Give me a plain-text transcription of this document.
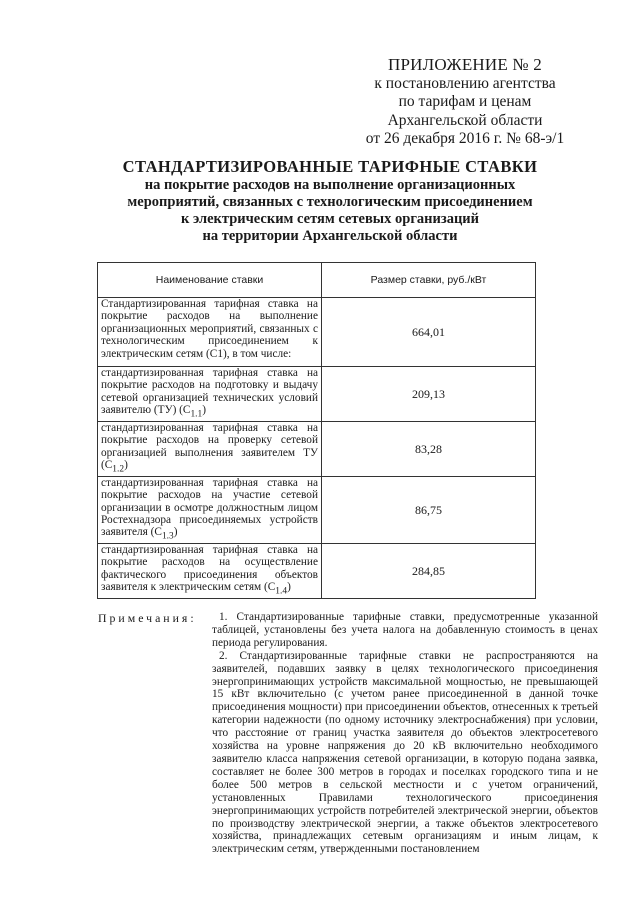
ПРИЛОЖЕНИЕ № 2
к постановлению агентства
по тарифам и ценам
Архангельской области
от 26 декабря 2016 г. № 68-э/1
СТАНДАРТИЗИРОВАННЫЕ ТАРИФНЫЕ СТАВКИ
на покрытие расходов на выполнение организационных
мероприятий, связанных с технологическим присоединением
к электрическим сетям сетевых организаций
на территории Архангельской области
Наименование ставки	Размер ставки, руб./кВт
Стандартизированная тарифная ставка на покрытие расходов на выполнение организационных мероприятий, связанных с технологическим присоединением к электрическим сетям (С1), в том числе:	664,01
стандартизированная тарифная ставка на покрытие расходов на подготовку и выдачу сетевой организацией технических условий заявителю (ТУ) $(С_{1.1})$	209,13
стандартизированная тарифная ставка на покрытие расходов на проверку сетевой организацией выполнения заявителем ТУ $(С_{1.2})$	83,28
стандартизированная тарифная ставка на покрытие расходов на участие сетевой организации в осмотре должностным лицом Ростехнадзора присоединяемых устройств заявителя $(С_{1.3})$	86,75
стандартизированная тарифная ставка на покрытие расходов на осуществление фактического присоединения объектов заявителя к электрическим сетям $(С_{1.4})$	284,85
Примечания:	1. Стандартизированные тарифные ставки, предусмотренные указанной таблицей, установлены без учета налога на добавленную стоимость в ценах периода регулирования.

2. Стандартизированные тарифные ставки не распространяются на заявителей, подавших заявку в целях технологического присоединения энергопринимающих устройств максимальной мощностью, не превышающей 15 кВт включительно (с учетом ранее присоединенной в данной точке присоединения мощности) при присоединении объектов, отнесенных к третьей категории надежности (по одному источнику электроснабжения) при условии, что расстояние от границ участка заявителя до объектов электросетевого хозяйства на уровне напряжения до 20 кВ включительно необходимого заявителю класса напряжения сетевой организации, в которую подана заявка, составляет не более 300 метров в городах и поселках городского типа и не более 500 метров в сельской местности и с учетом ограничений, установленных Правилами технологического присоединения энергопринимающих устройств потребителей электрической энергии, объектов по производству электрической энергии, а также объектов электросетевого хозяйства, принадлежащих сетевым организациям и иным лицам, к электрическим сетям, утвержденными постановлением
